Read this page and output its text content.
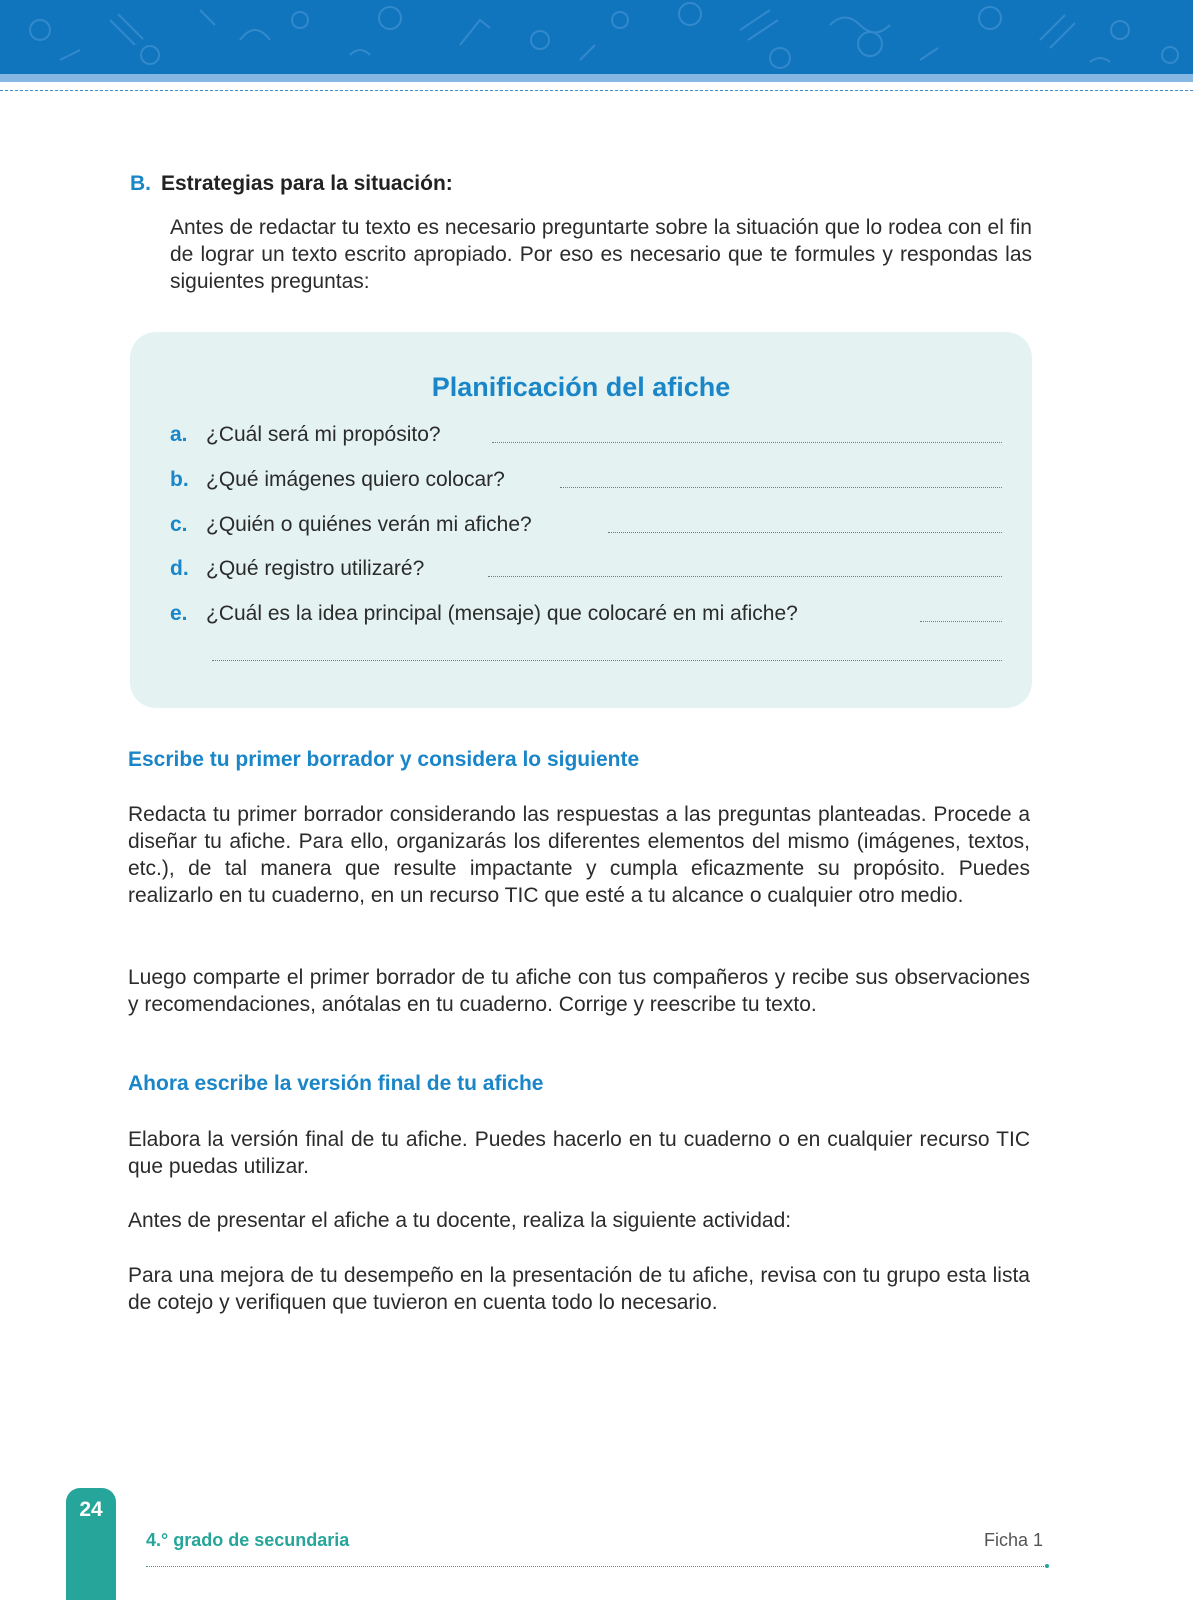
B. Estrategias para la situación:
Antes de redactar tu texto es necesario preguntarte sobre la situación que lo rodea con el fin de lograr un texto escrito apropiado. Por eso es necesario que te formules y respondas las siguientes preguntas:
Planificación del afiche
a. ¿Cuál será mi propósito?
b. ¿Qué imágenes quiero colocar?
c. ¿Quién o quiénes verán mi afiche?
d. ¿Qué registro utilizaré?
e. ¿Cuál es la idea principal (mensaje) que colocaré en mi afiche?
Escribe tu primer borrador y considera lo siguiente
Redacta tu primer borrador considerando las respuestas a las preguntas planteadas. Procede a diseñar tu afiche. Para ello, organizarás los diferentes elementos del mismo (imágenes, textos, etc.), de tal manera que resulte impactante y cumpla eficazmente su propósito. Puedes realizarlo en tu cuaderno, en un recurso TIC que esté a tu alcance o cualquier otro medio.
Luego comparte el primer borrador de tu afiche con tus compañeros y recibe sus observaciones y recomendaciones, anótalas en tu cuaderno. Corrige y reescribe tu texto.
Ahora escribe la versión final de tu afiche
Elabora la versión final de tu afiche. Puedes hacerlo en tu cuaderno o en cualquier recurso TIC que puedas utilizar.
Antes de presentar el afiche a tu docente, realiza la siguiente actividad:
Para una mejora de tu desempeño en la presentación de tu afiche, revisa con tu grupo esta lista de cotejo y verifiquen que tuvieron en cuenta todo lo necesario.
24
4.° grado de secundaria	Ficha 1
